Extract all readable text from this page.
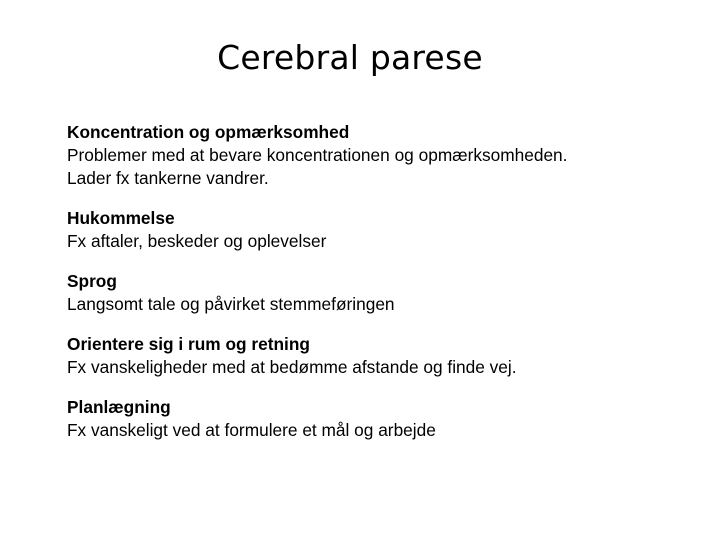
Cerebral parese
Koncentration og opmærksomhed
Problemer med at bevare koncentrationen og opmærksomheden.
Lader fx tankerne vandrer.
Hukommelse
Fx aftaler, beskeder og oplevelser
Sprog
Langsomt tale og påvirket stemmeføringen
Orientere sig i rum og retning
Fx vanskeligheder med at bedømme afstande og finde vej.
Planlægning
Fx vanskeligt ved at formulere et mål og arbejde
